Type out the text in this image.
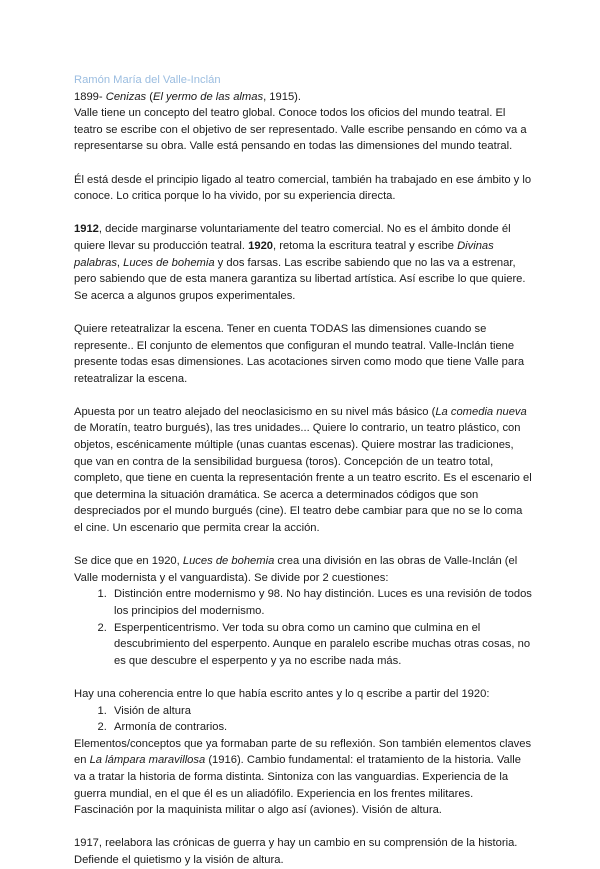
Ramón María del Valle-Inclán

1899- Cenizas (El yermo de las almas, 1915).

Valle tiene un concepto del teatro global. Conoce todos los oficios del mundo teatral. El teatro se escribe con el objetivo de ser representado. Valle escribe pensando en cómo va a representarse su obra. Valle está pensando en todas las dimensiones del mundo teatral.

Él está desde el principio ligado al teatro comercial, también ha trabajado en ese ámbito y lo conoce. Lo critica porque lo ha vivido, por su experiencia directa.

1912, decide marginarse voluntariamente del teatro comercial. No es el ámbito donde él quiere llevar su producción teatral. 1920, retoma la escritura teatral y escribe Divinas palabras, Luces de bohemia y dos farsas. Las escribe sabiendo que no las va a estrenar, pero sabiendo que de esta manera garantiza su libertad artística. Así escribe lo que quiere. Se acerca a algunos grupos experimentales.

Quiere reteatralizar la escena. Tener en cuenta TODAS las dimensiones cuando se represente.. El conjunto de elementos que configuran el mundo teatral. Valle-Inclán tiene presente todas esas dimensiones. Las acotaciones sirven como modo que tiene Valle para reteatralizar la escena.

Apuesta por un teatro alejado del neoclasicismo en su nivel más básico (La comedia nueva de Moratín, teatro burgués), las tres unidades... Quiere lo contrario, un teatro plástico, con objetos, escénicamente múltiple (unas cuantas escenas). Quiere mostrar las tradiciones, que van en contra de la sensibilidad burguesa (toros). Concepción de un teatro total, completo, que tiene en cuenta la representación frente a un teatro escrito. Es el escenario el que determina la situación dramática. Se acerca a determinados códigos que son despreciados por el mundo burgués (cine). El teatro debe cambiar para que no se lo coma el cine. Un escenario que permita crear la acción.

Se dice que en 1920, Luces de bohemia crea una división en las obras de Valle-Inclán (el Valle modernista y el vanguardista). Se divide por 2 cuestiones:

1. Distinción entre modernismo y 98. No hay distinción. Luces es una revisión de todos los principios del modernismo.
2. Esperpenticentrismo. Ver toda su obra como un camino que culmina en el descubrimiento del esperpento. Aunque en paralelo escribe muchas otras cosas, no es que descubre el esperpento y ya no escribe nada más.

Hay una coherencia entre lo que había escrito antes y lo q escribe a partir del 1920:

1. Visión de altura
2. Armonía de contrarios.

Elementos/conceptos que ya formaban parte de su reflexión. Son también elementos claves en La lámpara maravillosa (1916). Cambio fundamental: el tratamiento de la historia. Valle va a tratar la historia de forma distinta. Sintoniza con las vanguardias. Experiencia de la guerra mundial, en el que él es un aliadófilo. Experiencia en los frentes militares. Fascinación por la maquinista militar o algo así (aviones). Visión de altura.

1917, reelabora las crónicas de guerra y hay un cambio en su comprensión de la historia. Defiende el quietismo y la visión de altura.
